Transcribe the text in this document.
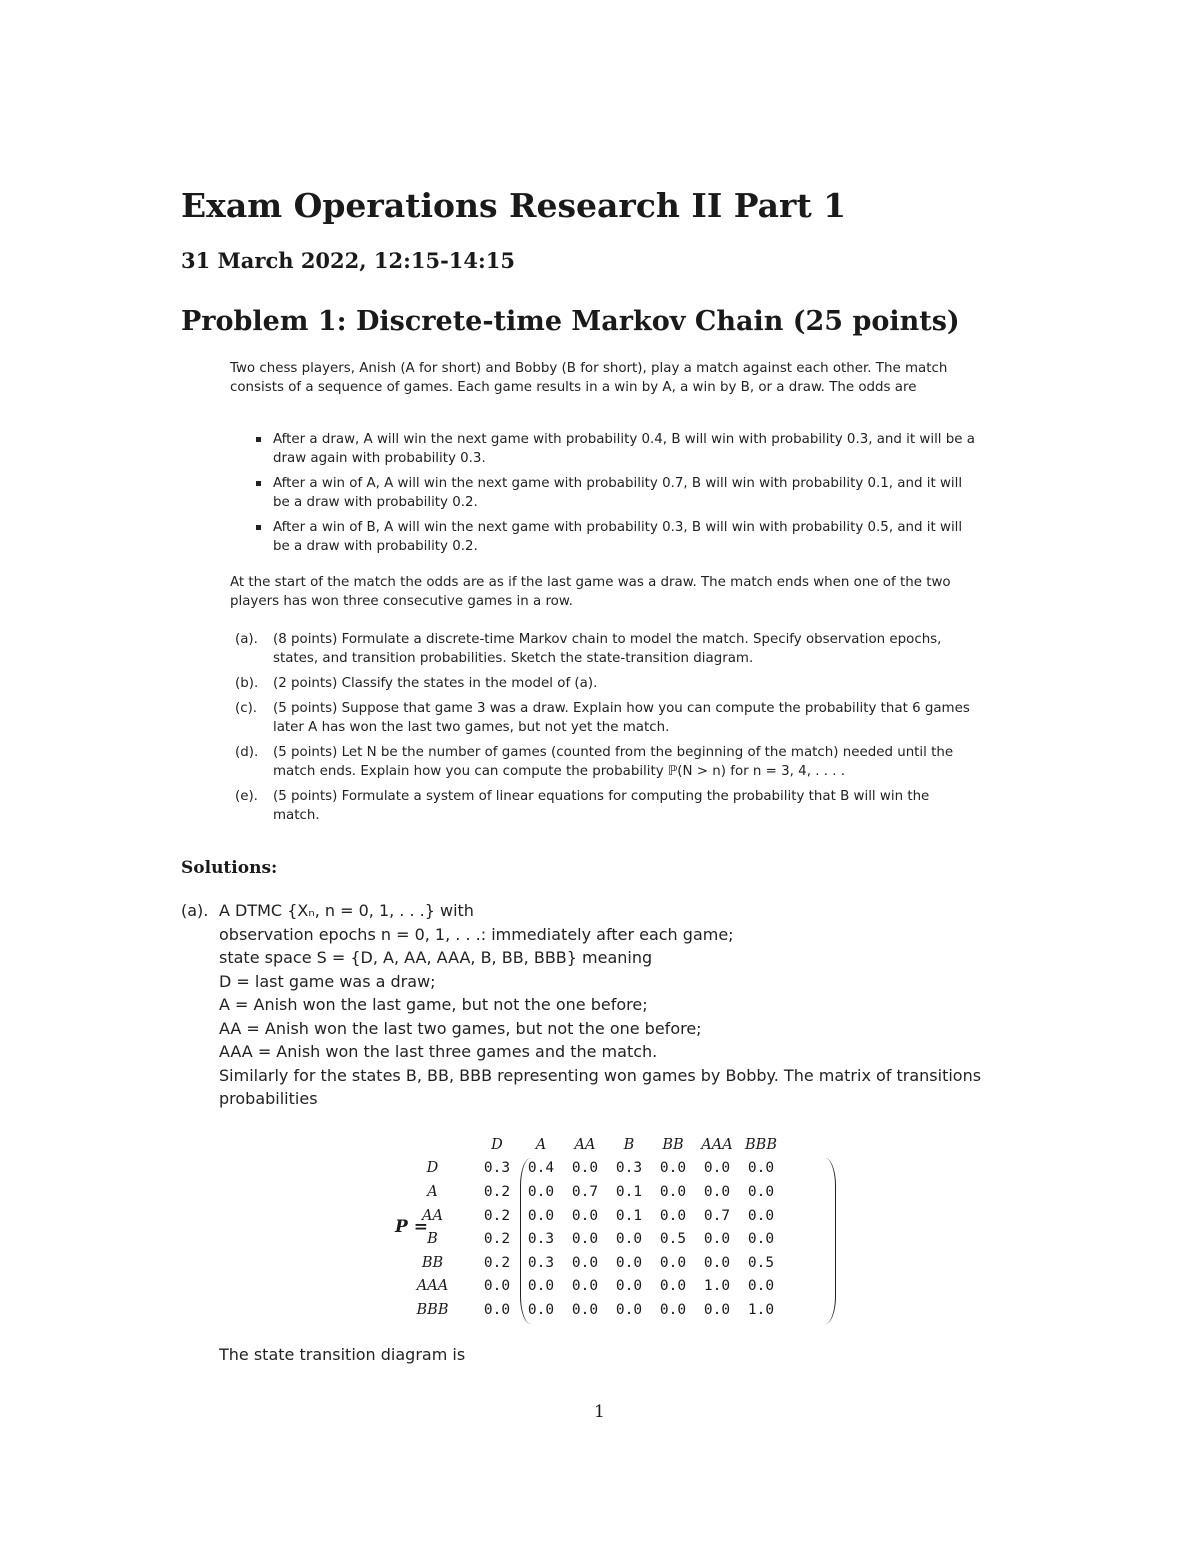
Exam Operations Research II Part 1
31 March 2022, 12:15-14:15
Problem 1: Discrete-time Markov Chain (25 points)
Two chess players, Anish (A for short) and Bobby (B for short), play a match against each other. The match consists of a sequence of games. Each game results in a win by A, a win by B, or a draw. The odds are
After a draw, A will win the next game with probability 0.4, B will win with probability 0.3, and it will be a draw again with probability 0.3.
After a win of A, A will win the next game with probability 0.7, B will win with probability 0.1, and it will be a draw with probability 0.2.
After a win of B, A will win the next game with probability 0.3, B will win with probability 0.5, and it will be a draw with probability 0.2.
At the start of the match the odds are as if the last game was a draw. The match ends when one of the two players has won three consecutive games in a row.
(a).	(8 points) Formulate a discrete-time Markov chain to model the match. Specify observation epochs, states, and transition probabilities. Sketch the state-transition diagram.
(b).	(2 points) Classify the states in the model of (a).
(c).	(5 points) Suppose that game 3 was a draw. Explain how you can compute the probability that 6 games later A has won the last two games, but not yet the match.
(d).	(5 points) Let N be the number of games (counted from the beginning of the match) needed until the match ends. Explain how you can compute the probability ℙ(N > n) for n = 3, 4, . . . .
(e).	(5 points) Formulate a system of linear equations for computing the probability that B will win the match.
Solutions:
(a). A DTMC {Xₙ, n = 0, 1, . . .} with
observation epochs n = 0, 1, . . .: immediately after each game;
state space S = {D, A, AA, AAA, B, BB, BBB} meaning
D = last game was a draw;
A = Anish won the last game, but not the one before;
AA = Anish won the last two games, but not the one before;
AAA = Anish won the last three games and the match.
Similarly for the states B, BB, BBB representing won games by Bobby. The matrix of transitions probabilities
P =
	D	A	AA	B	BB	AAA	BBB
D	0.3	0.4	0.0	0.3	0.0	0.0	0.0
A	0.2	0.0	0.7	0.1	0.0	0.0	0.0
AA	0.2	0.0	0.0	0.1	0.0	0.7	0.0
B	0.2	0.3	0.0	0.0	0.5	0.0	0.0
BB	0.2	0.3	0.0	0.0	0.0	0.0	0.5
AAA	0.0	0.0	0.0	0.0	0.0	1.0	0.0
BBB	0.0	0.0	0.0	0.0	0.0	0.0	1.0
The state transition diagram is
1
